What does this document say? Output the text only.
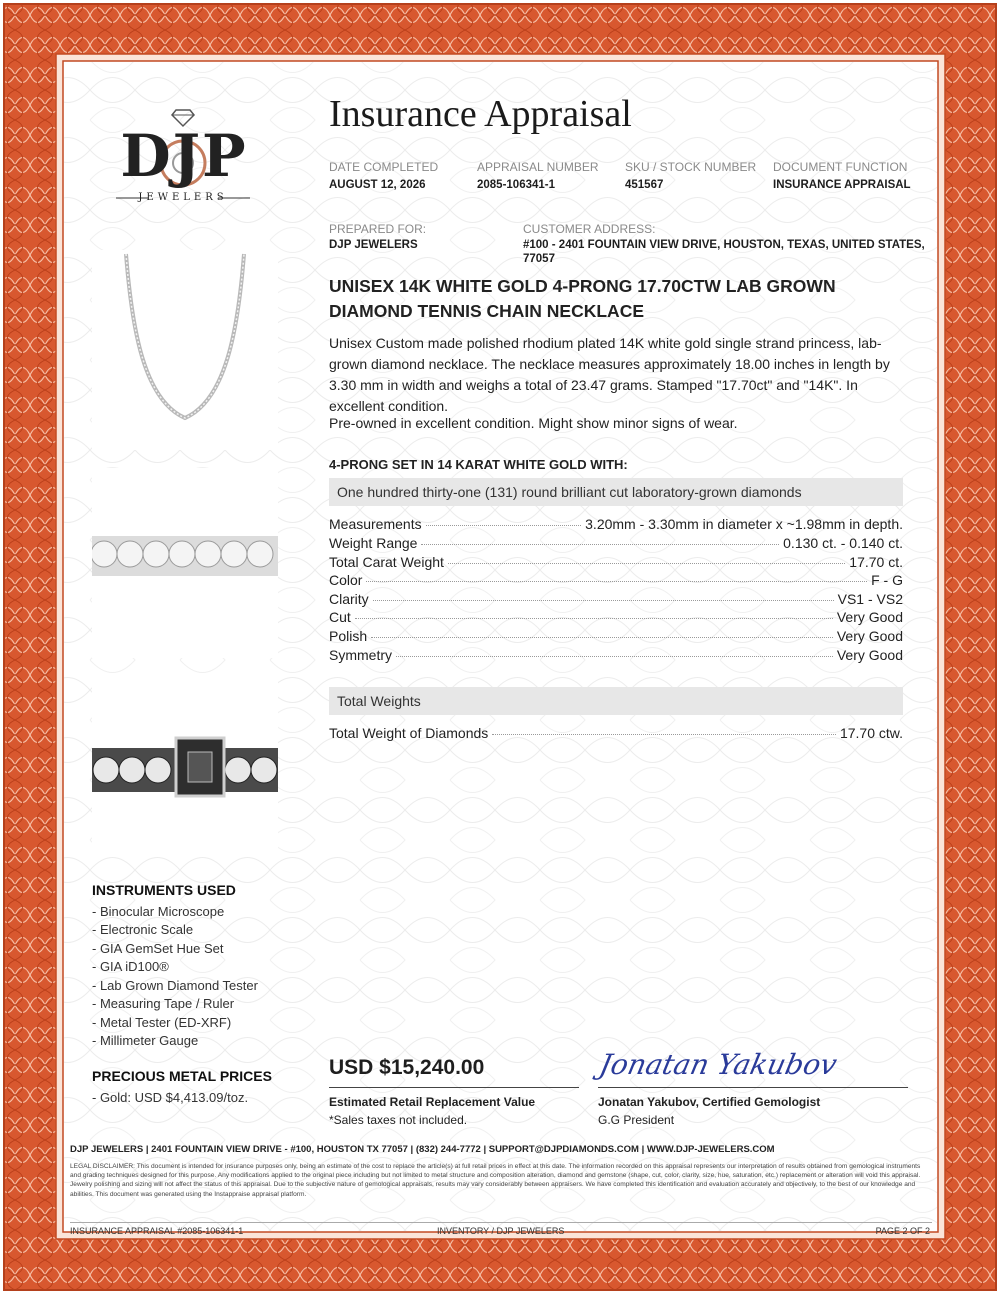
DJP
JEWELERS
Insurance Appraisal
DATE COMPLETED
AUGUST 12, 2026
APPRAISAL NUMBER
2085-106341-1
SKU / STOCK NUMBER
451567
DOCUMENT FUNCTION
INSURANCE APPRAISAL
PREPARED FOR:
DJP JEWELERS
CUSTOMER ADDRESS:
#100 - 2401 FOUNTAIN VIEW DRIVE, HOUSTON, TEXAS, UNITED STATES,
77057
UNISEX 14K WHITE GOLD 4-PRONG 17.70CTW LAB GROWN DIAMOND TENNIS CHAIN NECKLACE
Unisex Custom made polished rhodium plated 14K white gold single strand princess, lab-grown diamond necklace. The necklace measures approximately 18.00 inches in length by 3.30 mm in width and weighs a total of 23.47 grams. Stamped "17.70ct" and "14K". In excellent condition.
Pre-owned in excellent condition. Might show minor signs of wear.
4-PRONG SET IN 14 KARAT WHITE GOLD WITH:
One hundred thirty-one (131) round brilliant cut laboratory-grown diamonds
Measurements	3.20mm - 3.30mm in diameter x ~1.98mm in depth.
Weight Range	0.130 ct. - 0.140 ct.
Total Carat Weight	17.70 ct.
Color	F - G
Clarity	VS1 - VS2
Cut	Very Good
Polish	Very Good
Symmetry	Very Good
Total Weights
Total Weight of Diamonds	17.70 ctw.
INSTRUMENTS USED
- Binocular Microscope
- Electronic Scale
- GIA GemSet Hue Set
- GIA iD100®
- Lab Grown Diamond Tester
- Measuring Tape / Ruler
- Metal Tester (ED-XRF)
- Millimeter Gauge
PRECIOUS METAL PRICES
- Gold: USD $4,413.09/toz.
USD $15,240.00
Estimated Retail Replacement Value
*Sales taxes not included.
Jonatan Yakubov
Jonatan Yakubov, Certified Gemologist
G.G President
DJP JEWELERS | 2401 FOUNTAIN VIEW DRIVE - #100, HOUSTON TX 77057 | (832) 244-7772 | SUPPORT@DJPDIAMONDS.COM | WWW.DJP-JEWELERS.COM
LEGAL DISCLAIMER: This document is intended for insurance purposes only, being an estimate of the cost to replace the article(s) at full retail prices in effect at this date. The information recorded on this appraisal represents our interpretation of results obtained from gemological instruments and grading techniques designed for this purpose. Any modifications applied to the original piece including but not limited to metal structure and composition alteration, diamond and gemstone (shape, cut, color, clarity, size, hue, saturation, etc.) replacement or alteration will void this appraisal. Jewelry polishing and sizing will not affect the status of this appraisal. Due to the subjective nature of gemological appraisals, results may vary considerably between appraisers. We have completed this identification and evaluation accurately and objectively, to the best of our knowledge and abilities. This document was generated using the Instappraise appraisal platform.
INSURANCE APPRAISAL #2085-106341-1	INVENTORY / DJP JEWELERS	PAGE 2 OF 2
